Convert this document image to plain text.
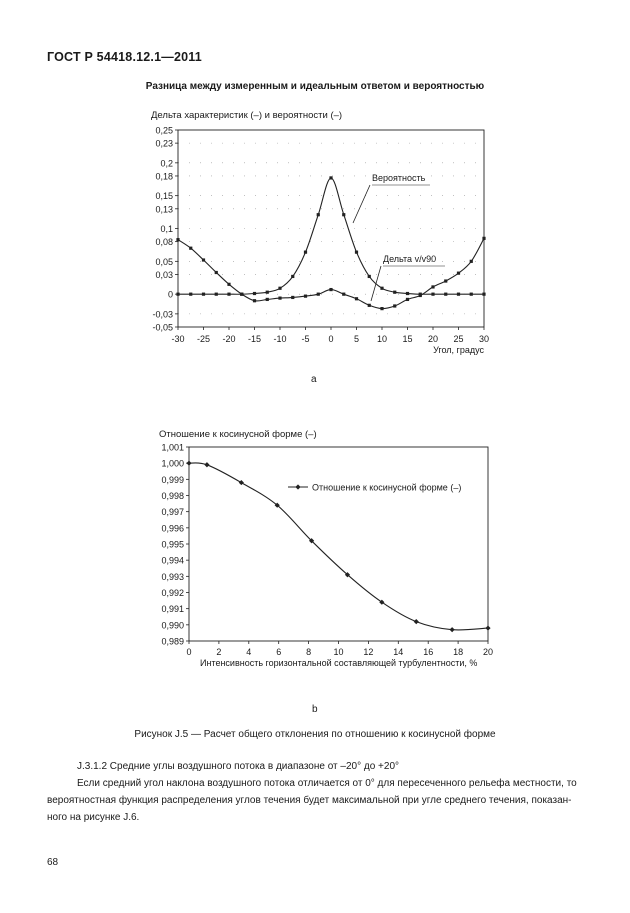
ГОСТ Р 54418.12.1—2011
Разница между измеренным и идеальным ответом и вероятностью
Дельта характеристик (–) и вероятности (–)
-0,05
-0,03
0
0,03
0,05
0,08
0,1
0,13
0,15
0,18
0,2
0,23
0,25
-30 -25 -20 -15 -10 -5 0 5 10 15 20 25 30
Угол, градус
Вероятность
Дельта v/v90
Отношение к косинусной форме (–)
0,989
0,990
0,991
0,992
0,993
0,994
0,995
0,996
0,997
0,998
0,999
1,000
1,001
0	2	4	6	8 10 12 14 16 18 20
Интенсивность горизонтальной составляющей турбулентности, %
Отношение к косинусной форме (–)
a
b
Рисунок J.5 — Расчет общего отклонения по отношению к косинусной форме
J.3.1.2 Средние углы воздушного потока в диапазоне от –20° до +20°
Если средний угол наклона воздушного потока отличается от 0° для пересеченного рельефа местности, то
вероятностная функция распределения углов течения будет максимальной при угле среднего течения, показан-
ного на рисунке J.6.
68
